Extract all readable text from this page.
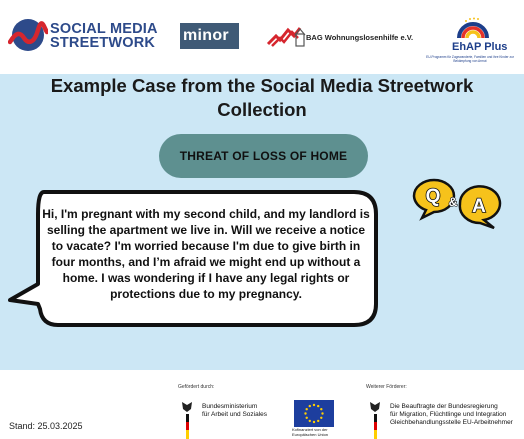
SOCIAL MEDIA
STREETWORK minor	BAG Wohnungslosenhilfe e.V.
EhAP Plus
EU-Programm für Zugewanderte, Familien und ihre Kinder zur Bekämpfung von Armut
Example Case from the Social Media Streetwork Collection
THREAT OF LOSS OF HOME
Q A
&

Hi, I'm pregnant with my second child, and my landlord is selling the apartment we live in. Will we receive a notice to vacate? I'm worried because I'm due to give birth in four months, and I’m afraid we might end up without a home. I was wondering if I have any legal rights or protections due to my pregnancy.

Stand: 25.03.2025
Gefördert durch:
Bundesministerium
für Arbeit und Soziales
Kofinanziert von der Europäischen Union
Weiterer Förderer:
Die Beauftragte der Bundesregierung
für Migration, Flüchtlinge und Integration
Gleichbehandlungsstelle EU-Arbeitnehmer
